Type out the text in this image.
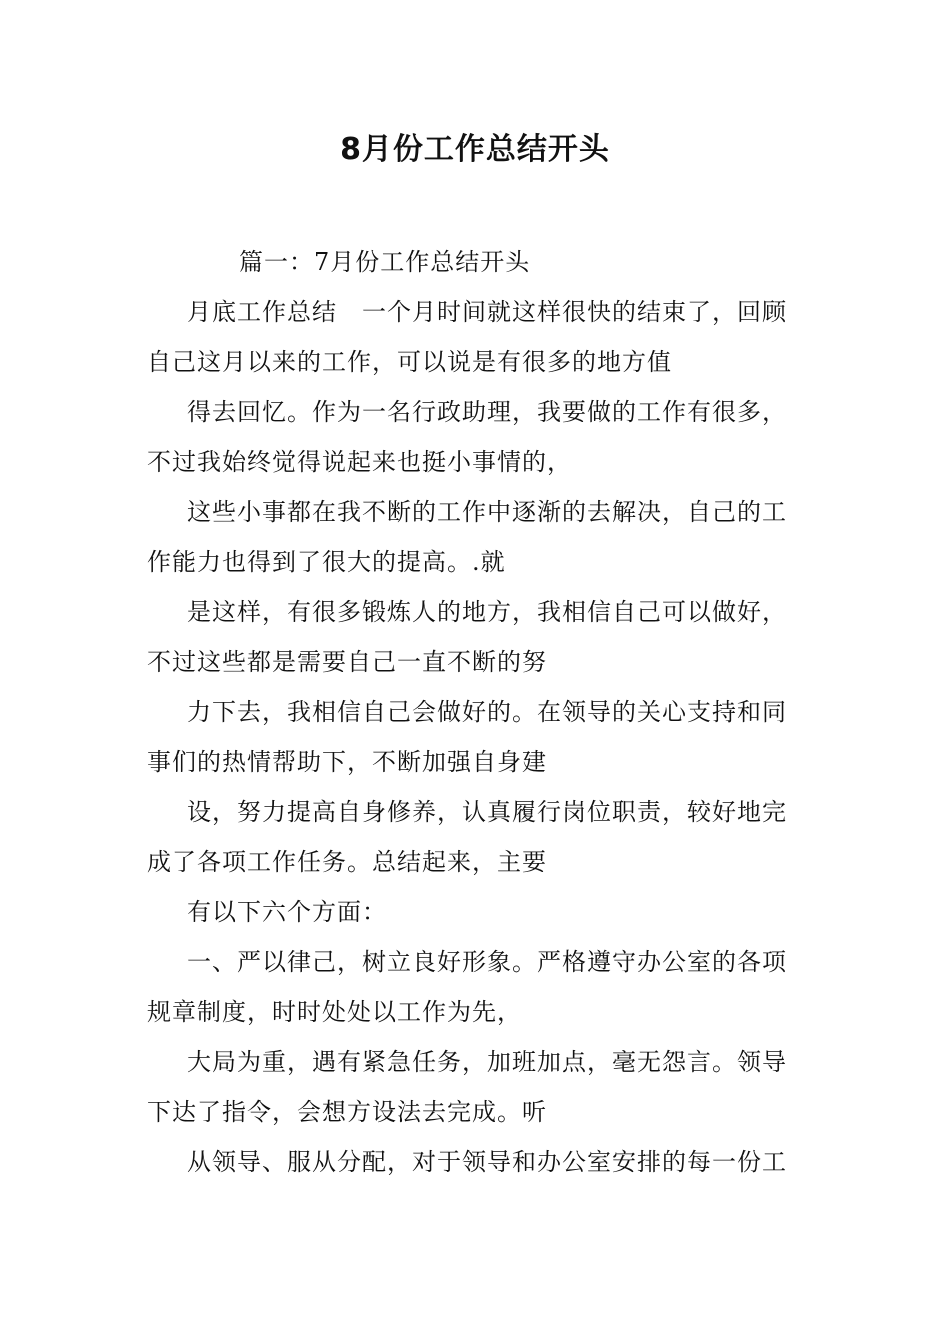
8月份工作总结开头
篇一：7月份工作总结开头
月底工作总结　一个月时间就这样很快的结束了，回顾
自己这月以来的工作，可以说是有很多的地方值
得去回忆。作为一名行政助理，我要做的工作有很多，
不过我始终觉得说起来也挺小事情的，
这些小事都在我不断的工作中逐渐的去解决，自己的工
作能力也得到了很大的提高。.就
是这样，有很多锻炼人的地方，我相信自己可以做好，
不过这些都是需要自己一直不断的努
力下去，我相信自己会做好的。在领导的关心支持和同
事们的热情帮助下，不断加强自身建
设，努力提高自身修养，认真履行岗位职责，较好地完
成了各项工作任务。总结起来，主要
有以下六个方面：
一、严以律己，树立良好形象。严格遵守办公室的各项
规章制度，时时处处以工作为先，
大局为重，遇有紧急任务，加班加点，毫无怨言。领导
下达了指令，会想方设法去完成。听
从领导、服从分配，对于领导和办公室安排的每一份工
